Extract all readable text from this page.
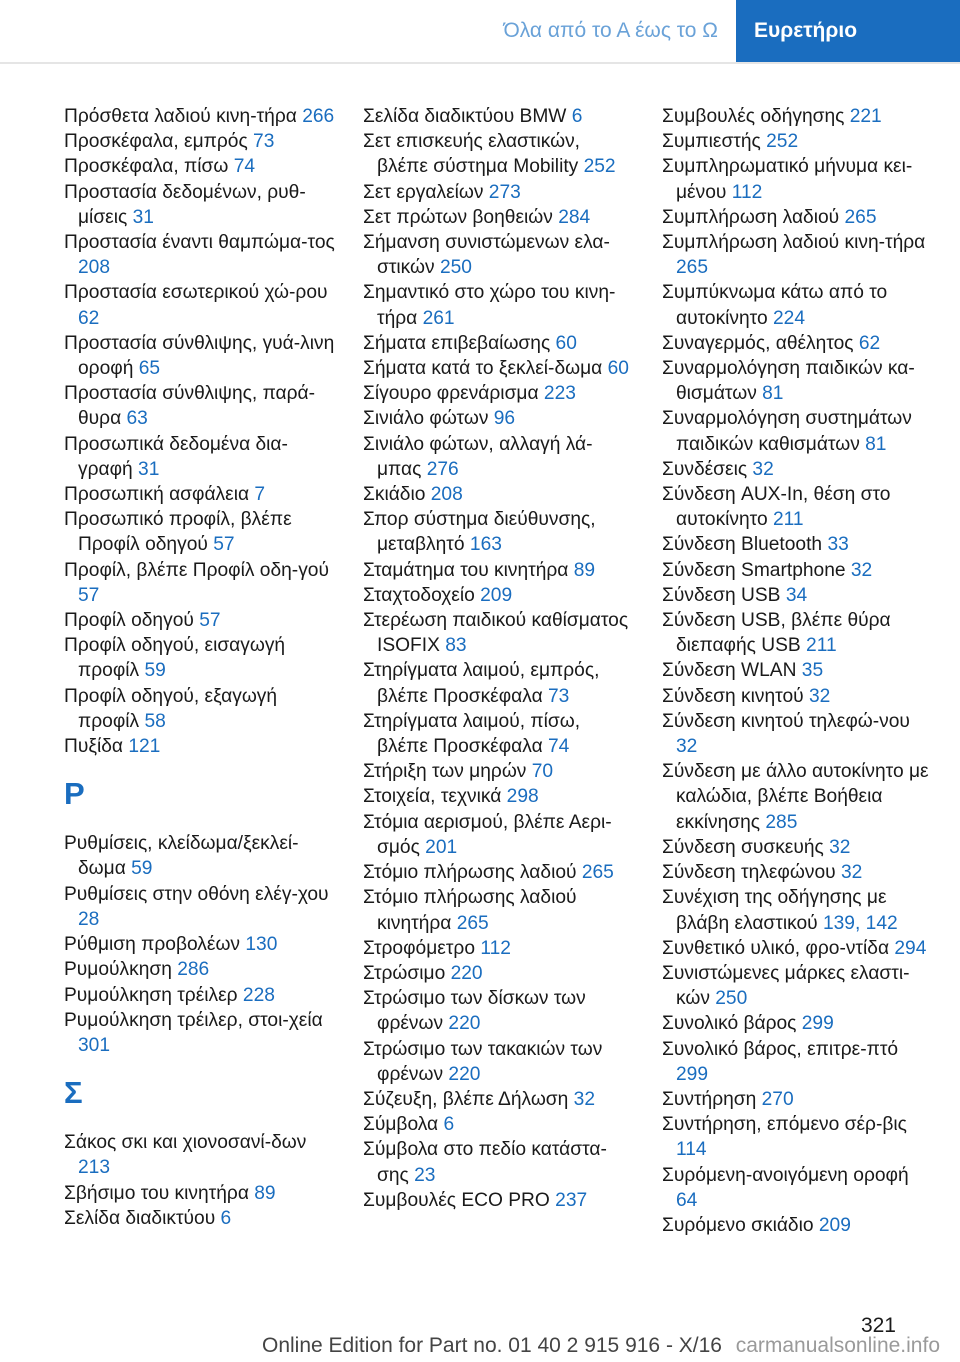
Όλα από το Α έως το Ω	Ευρετήριο
Πρόσθετα λαδιού κινη‐τήρα 266
Προσκέφαλα, εμπρός 73
Προσκέφαλα, πίσω 74
Προστασία δεδομένων, ρυθ‐μίσεις 31
Προστασία έναντι θαμπώμα‐τος 208
Προστασία εσωτερικού χώ‐ρου 62
Προστασία σύνθλιψης, γυά‐λινη οροφή 65
Προστασία σύνθλιψης, παρά‐θυρα 63
Προσωπικά δεδομένα δια‐γραφή 31
Προσωπική ασφάλεια 7
Προσωπικό προφίλ, βλέπε Προφίλ οδηγού 57
Προφίλ, βλέπε Προφίλ οδη‐γού 57
Προφίλ οδηγού 57
Προφίλ οδηγού, εισαγωγή προφίλ 59
Προφίλ οδηγού, εξαγωγή προφίλ 58
Πυξίδα 121
Ρ
Ρυθμίσεις, κλείδωμα/ξεκλεί‐δωμα 59
Ρυθμίσεις στην οθόνη ελέγ‐χου 28
Ρύθμιση προβολέων 130
Ρυμούλκηση 286
Ρυμούλκηση τρέιλερ 228
Ρυμούλκηση τρέιλερ, στοι‐χεία 301
Σ
Σάκος σκι και χιονοσανί‐δων 213
Σβήσιμο του κινητήρα 89
Σελίδα διαδικτύου 6
Σελίδα διαδικτύου BMW 6
Σετ επισκευής ελαστικών, βλέπε σύστημα Mobility 252
Σετ εργαλείων 273
Σετ πρώτων βοηθειών 284
Σήμανση συνιστώμενων ελα‐στικών 250
Σημαντικό στο χώρο του κινη‐τήρα 261
Σήματα επιβεβαίωσης 60
Σήματα κατά το ξεκλεί‐δωμα 60
Σίγουρο φρενάρισμα 223
Σινιάλο φώτων 96
Σινιάλο φώτων, αλλαγή λά‐μπας 276
Σκιάδιο 208
Σπορ σύστημα διεύθυνσης, μεταβλητό 163
Σταμάτημα του κινητήρα 89
Σταχτοδοχείο 209
Στερέωση παιδικού καθίσματος ISOFIX 83
Στηρίγματα λαιμού, εμπρός, βλέπε Προσκέφαλα 73
Στηρίγματα λαιμού, πίσω, βλέπε Προσκέφαλα 74
Στήριξη των μηρών 70
Στοιχεία, τεχνικά 298
Στόμια αερισμού, βλέπε Αερι‐σμός 201
Στόμιο πλήρωσης λαδιού 265
Στόμιο πλήρωσης λαδιού κινητήρα 265
Στροφόμετρο 112
Στρώσιμο 220
Στρώσιμο των δίσκων των φρένων 220
Στρώσιμο των τακακιών των φρένων 220
Σύζευξη, βλέπε Δήλωση 32
Σύμβολα 6
Σύμβολα στο πεδίο κατάστα‐σης 23
Συμβουλές ECO PRO 237
Συμβουλές οδήγησης 221
Συμπιεστής 252
Συμπληρωματικό μήνυμα κει‐μένου 112
Συμπλήρωση λαδιού 265
Συμπλήρωση λαδιού κινη‐τήρα 265
Συμπύκνωμα κάτω από το αυτοκίνητο 224
Συναγερμός, αθέλητος 62
Συναρμολόγηση παιδικών κα‐θισμάτων 81
Συναρμολόγηση συστημάτων παιδικών καθισμάτων 81
Συνδέσεις 32
Σύνδεση AUX-In, θέση στο αυτοκίνητο 211
Σύνδεση Bluetooth 33
Σύνδεση Smartphone 32
Σύνδεση USB 34
Σύνδεση USB, βλέπε θύρα διεπαφής USB 211
Σύνδεση WLAN 35
Σύνδεση κινητού 32
Σύνδεση κινητού τηλεφώ‐νου 32
Σύνδεση με άλλο αυτοκίνητο με καλώδια, βλέπε Βοήθεια εκκίνησης 285
Σύνδεση συσκευής 32
Σύνδεση τηλεφώνου 32
Συνέχιση της οδήγησης με βλάβη ελαστικού 139, 142
Συνθετικό υλικό, φρο‐ντίδα 294
Συνιστώμενες μάρκες ελαστι‐κών 250
Συνολικό βάρος 299
Συνολικό βάρος, επιτρε‐πτό 299
Συντήρηση 270
Συντήρηση, επόμενο σέρ‐βις 114
Συρόμενη-ανοιγόμενη οροφή 64
Συρόμενο σκιάδιο 209
321
Online Edition for Part no. 01 40 2 915 916 - X/16 carmanualsonline.info
